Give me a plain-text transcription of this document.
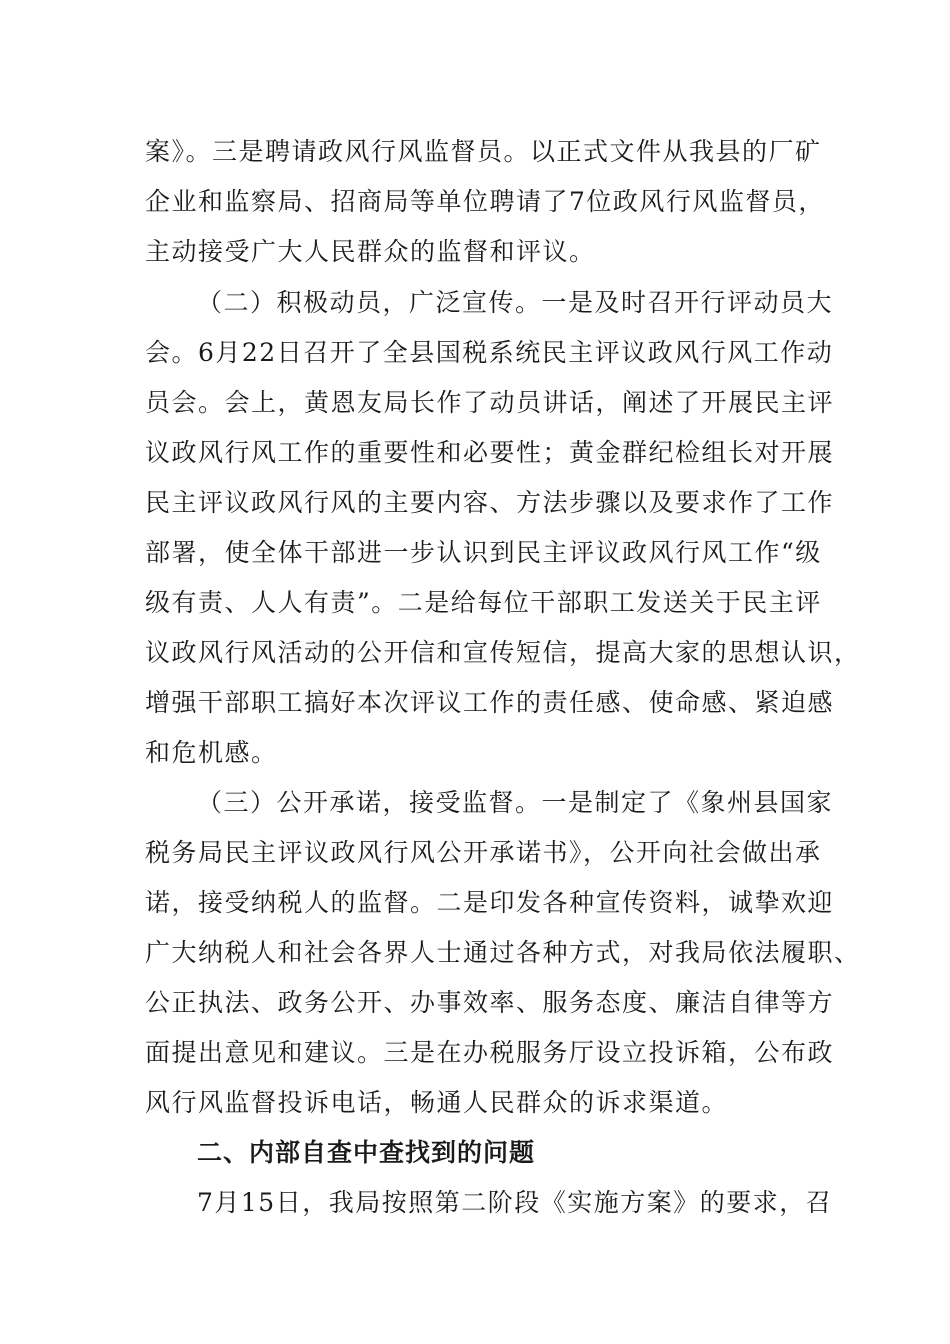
案》。三是聘请政风行风监督员。以正式文件从我县的厂矿
企业和监察局、招商局等单位聘请了7位政风行风监督员，
主动接受广大人民群众的监督和评议。
（二）积极动员，广泛宣传。一是及时召开行评动员大
会。6月22日召开了全县国税系统民主评议政风行风工作动
员会。会上，黄恩友局长作了动员讲话，阐述了开展民主评
议政风行风工作的重要性和必要性；黄金群纪检组长对开展
民主评议政风行风的主要内容、方法步骤以及要求作了工作
部署，使全体干部进一步认识到民主评议政风行风工作“级
级有责、人人有责”。二是给每位干部职工发送关于民主评
议政风行风活动的公开信和宣传短信，提高大家的思想认识，
增强干部职工搞好本次评议工作的责任感、使命感、紧迫感
和危机感。
（三）公开承诺，接受监督。一是制定了《象州县国家
税务局民主评议政风行风公开承诺书》，公开向社会做出承
诺，接受纳税人的监督。二是印发各种宣传资料，诚挚欢迎
广大纳税人和社会各界人士通过各种方式，对我局依法履职、
公正执法、政务公开、办事效率、服务态度、廉洁自律等方
面提出意见和建议。三是在办税服务厅设立投诉箱，公布政
风行风监督投诉电话，畅通人民群众的诉求渠道。
二、内部自查中查找到的问题
7月15日，我局按照第二阶段《实施方案》的要求，召
